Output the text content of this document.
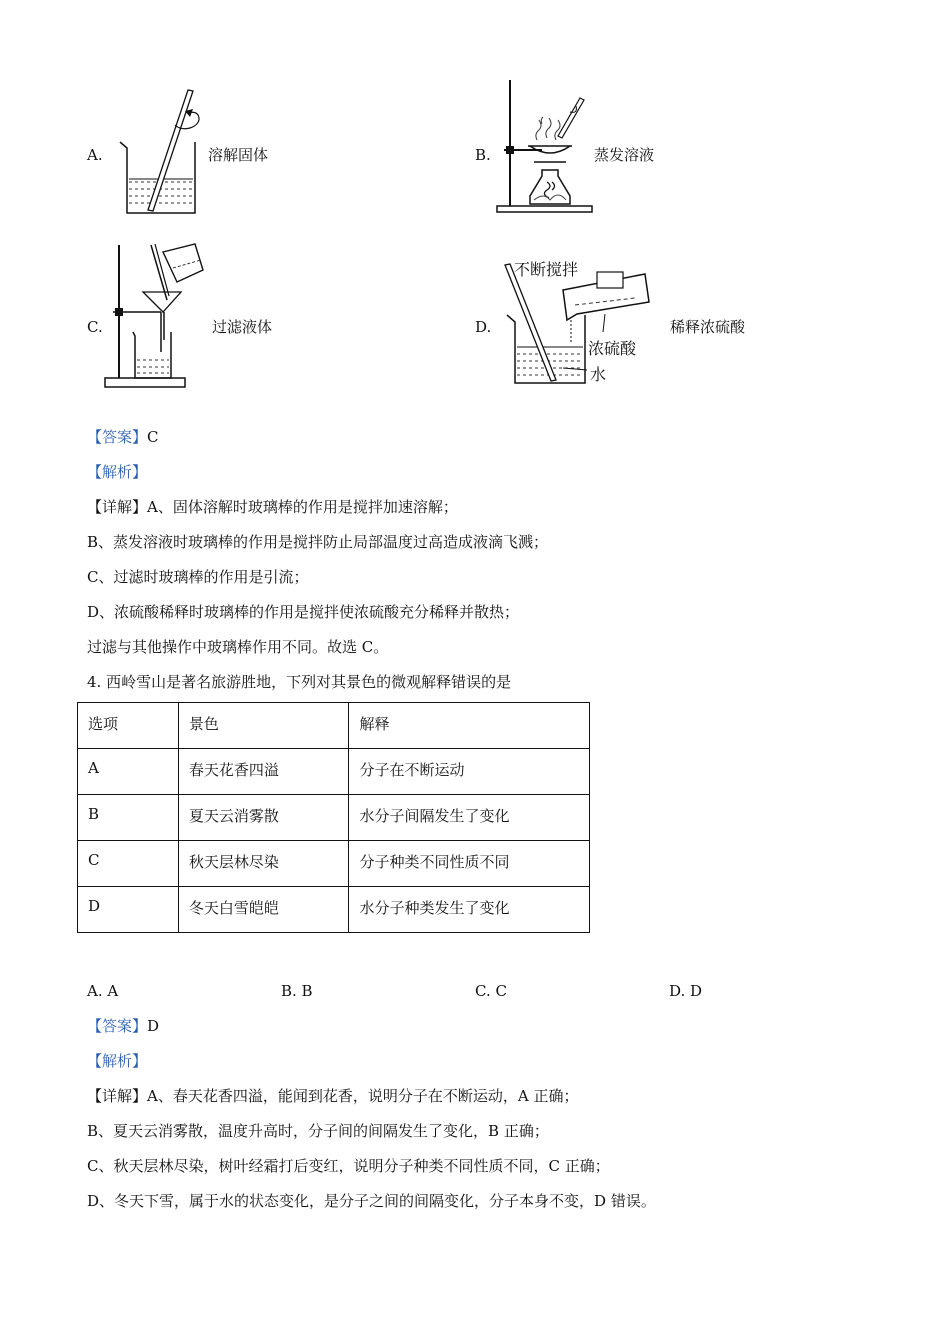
A.	溶解固体	B.	蒸发溶液
C.	过滤液体	D.
不断搅拌
浓硫酸
水
稀释浓硫酸
【答案】C
【解析】
【详解】A、固体溶解时玻璃棒的作用是搅拌加速溶解；
B、蒸发溶液时玻璃棒的作用是搅拌防止局部温度过高造成液滴飞溅；
C、过滤时玻璃棒的作用是引流；
D、浓硫酸稀释时玻璃棒的作用是搅拌使浓硫酸充分稀释并散热；
过滤与其他操作中玻璃棒作用不同。故选 C。
4. 西岭雪山是著名旅游胜地，下列对其景色的微观解释错误的是
选项	景色	解释
A	春天花香四溢	分子在不断运动
B	夏天云消雾散	水分子间隔发生了变化
C	秋天层林尽染	分子种类不同性质不同
D	冬天白雪皑皑	水分子种类发生了变化
A. A	B. B	C. C	D. D
【答案】D
【解析】
【详解】A、春天花香四溢，能闻到花香，说明分子在不断运动，A 正确；
B、夏天云消雾散，温度升高时，分子间的间隔发生了变化，B 正确；
C、秋天层林尽染，树叶经霜打后变红，说明分子种类不同性质不同，C 正确；
D、冬天下雪，属于水的状态变化，是分子之间的间隔变化，分子本身不变，D 错误。
